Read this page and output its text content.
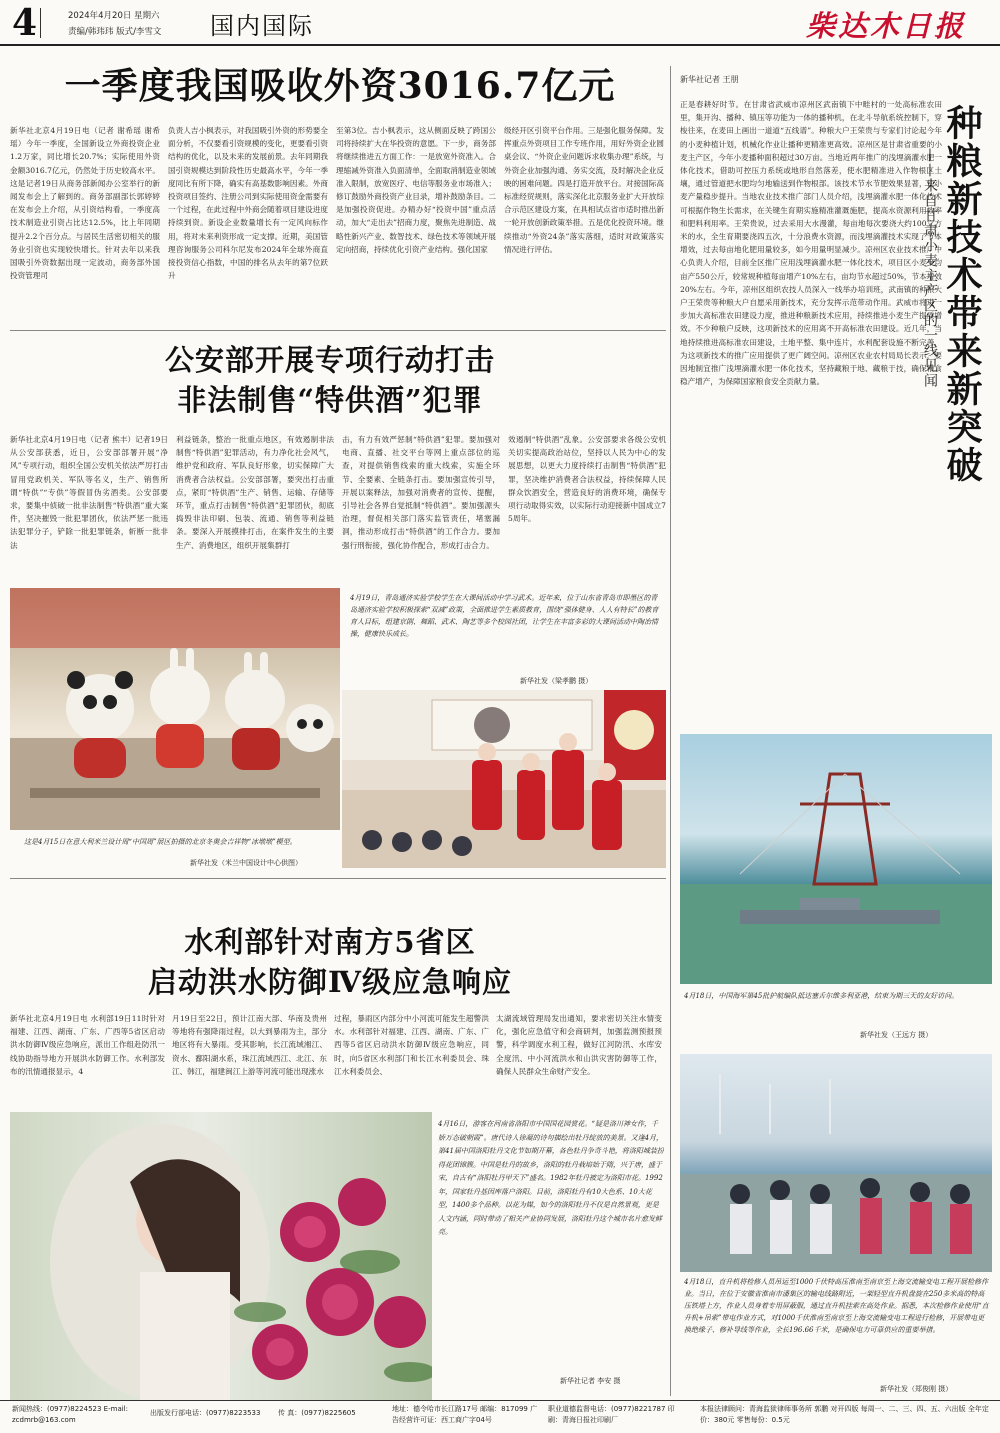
4	2024年4月20日 星期六
责编/韩玮玮 版式/李雪文 国内国际	柴达木日报
一季度我国吸收外资3016.7亿元
新华社北京4月19日电（记者 谢希瑶 谢希瑶）今年一季度，全国新设立外商投资企业1.2万家，同比增长20.7%；实际使用外资金额3016.7亿元，仍然处于历史较高水平。这是记者19日从商务部新闻办公室举行的新闻发布会上了解到的。商务部副部长郭婷婷在发布会上介绍，从引资结构看，一季度高技术制造业引资占比达12.5%，比上年同期提升2.2个百分点。与居民生活密切相关的服务业引资也实现较快增长。针对去年以来我国吸引外资数据出现一定波动，商务部外国投资管理司
负责人吉小枫表示，对我国吸引外资的形势要全面分析，不仅要看引资规模的变化，更要看引资结构的优化，以及未来的发展前景。去年同期我国引资规模达到阶段性历史最高水平，今年一季度同比有所下降，确实有高基数影响因素。外商投资项目签约、注册公司到实际使用资金需要有一个过程，在此过程中外商会随着项目建设进度持续到资。新设企业数量增长有一定风向标作用，将对未来利资形成一定支撑。近期，美国管理咨询服务公司科尔尼发布2024年全球外商直接投资信心指数，中国的排名从去年的第7位跃升
至第3位。吉小枫表示，这从侧面反映了跨国公司将持续扩大在华投资的意愿。下一步，商务部将继续推进五方面工作：一是放宽外资准入。合理缩减外资准入负面清单，全面取消制造业领域准入限制，放宽医疗、电信等服务业市场准入；修订鼓励外商投资产业目录，增补鼓励条目。二是加强投资促进。办精办好“投资中国”重点活动，加大“走出去”招商力度，聚焦先进制造、战略性新兴产业、数智技术、绿色技术等领域开展定向招商，持续优化引资产业结构。强化国家
级经开区引资平台作用。三是强化服务保障。发挥重点外资项目工作专班作用，用好外资企业圆桌会议、“外资企业问题诉求收集办理”系统，与外资企业加强沟通、务实交流，及时解决企业反映的困难问题。四是打造开放平台。对接国际高标准经贸规则，落实深化北京服务业扩大开放综合示范区建设方案，在具相试点省市适时推出新一轮开放创新政策举措。五是优化投资环境。继续推动“外资24条”落实落细，适时对政策落实情况进行评估。
公安部开展专项行动打击
非法制售“特供酒”犯罪
新华社北京4月19日电（记者 熊丰）记者19日从公安部获悉，近日，公安部部署开展“净风”专项行动，组织全国公安机关依法严厉打击冒用党政机关、军队等名义，生产、销售所谓“特供”“专供”等假冒伪劣酒类。公安部要求，要集中侦破一批非法制售“特供酒”重大案件，坚决摧毁一批犯罪团伙，依法严惩一批违法犯罪分子，铲除一批犯罪链条，斩断一批非法
利益链条，整治一批重点地区，有效遏制非法制售“特供酒”犯罪活动，有力净化社会风气，维护党和政府、军队良好形象，切实保障广大消费者合法权益。公安部部署，要突出打击重点，紧盯“特供酒”生产、销售、运输、存储等环节，重点打击制售“特供酒”犯罪团伙，彻底捣毁非法印刷、包装、流通、销售等利益链条。要深入开展摸排打击，在案件发生的主要生产、消费地区，组织开展集群打
击，有力有效严惩制“特供酒”犯罪。要加强对电商、直播、社交平台等网上重点部位的巡查，对提供销售线索的重大线索，实施全环节、全要素、全链条打击。要加强宣传引导，开展以案释法，加强对消费者的宣传、提醒，引导社会各界自觉抵制“特供酒”。要加强源头治理，督促相关部门落实监管责任，堵塞漏洞，推动形成打击“特供酒”的工作合力。要加强行刑衔接，强化协作配合，形成打击合力。
效遏制“特供酒”乱象。公安部要求各级公安机关切实提高政治站位，坚持以人民为中心的发展思想，以更大力度持续打击制售“特供酒”犯罪，坚决维护消费者合法权益，持续保障人民群众饮酒安全，营造良好的消费环境，确保专项行动取得实效，以实际行动迎接新中国成立75周年。
这是4月15日在意大利米兰设计周“中国周”展区拍摄的北京冬奥会吉祥物“冰墩墩”模型。
新华社发（米兰中国设计中心供图）
4月19日，青岛通济实验学校学生在大课间活动中学习武术。近年来，位于山东省青岛市即墨区的青岛通济实验学校积极探索“双减”政策，全面推进学生素质教育，围绕“强体健身、人人有特长”的教育育人目标，组建京剧、舞蹈、武术、陶艺等多个校园社团，让学生在丰富多彩的大课间活动中陶冶情操，健康快乐成长。
新华社发（梁孝鹏 摄）
水利部针对南方5省区
启动洪水防御Ⅳ级应急响应
新华社北京4月19日电 水利部19日11时针对福建、江西、湖南、广东、广西等5省区启动洪水防御Ⅳ级应急响应，派出工作组赴防汛一线协助指导地方开展洪水防御工作。水利部发布的汛情通报显示，4
月19日至22日，预计江南大部、华南及贵州等地将有强降雨过程，以大到暴雨为主，部分地区将有大暴雨。受其影响，长江流域湘江、资水、鄱阳湖水系，珠江流域西江、北江、东江、韩江，福建闽江上游等河流可能出现涨水
过程，暴雨区内部分中小河流可能发生超警洪水。水利部针对福建、江西、湖南、广东、广西等5省区启动洪水防御Ⅳ级应急响应，同时，向5省区水利部门和长江水利委员会、珠江水利委员会、
太湖流域管理局发出通知，要求密切关注水情变化，强化应急值守和会商研判，加强监测预报预警，科学调度水利工程，做好江河防汛、水库安全度汛、中小河流洪水和山洪灾害防御等工作，确保人民群众生命财产安全。
4月16日，游客在河南省洛阳市中国国花园赏花。“疑是洛川神女作，千娇万态破朝霞”。唐代诗人徐凝的诗句描绘出牡丹绽放的美景。又逢4月，第41届中国洛阳牡丹文化节如期开幕，各色牡丹争奇斗艳，将洛阳城装扮得花团锦簇。中国是牡丹的故乡，洛阳的牡丹栽培始于隋，兴于唐，盛于宋，自古有“洛阳牡丹甲天下”盛名。1982年牡丹被定为洛阳市花。1992年，国家牡丹基因库落户洛阳。目前，洛阳牡丹有10大色系、10大花型，1400多个品种。以花为媒，如今的洛阳牡丹不仅是自然景观，更是人文内涵，同时带动了相关产业协同发展，洛阳牡丹这个城市名片愈发鲜亮。
新华社记者 李安 摄
新华社记者 王朋
正是春耕好时节。在甘肃省武威市凉州区武南镇下中畦村的一处高标准农田里，集开沟、播种、镇压等功能为一体的播种机，在北斗导航系统控制下，穿梭往来，在麦田上画出一道道“五线谱”。种粮大户王荣贵与专家们讨论起今年的小麦种植计划，机械化作业让播种更精准更高效。凉州区是甘肃省重要的小麦主产区，今年小麦播种面积超过30万亩。当地近两年推广的浅埋滴灌水肥一体化技术，借助可控压力系统或地形自然落差，使水肥精准进入作物根区土壤，通过管道把水肥均匀地输送到作物根部。该技术节水节肥效果显著，使小麦产量稳步提升。当地农业技术推广部门人员介绍，浅埋滴灌水肥一体化技术可根据作物生长需求，在关键生育期实施精准灌溉施肥，提高水资源利用效率和肥料利用率。王荣贵说，过去采用大水漫灌，每亩地每次要浇大约100立方米的水，全生育期要浇四五次，十分浪费水资源，而浅埋滴灌技术实现了节本增效，过去每亩地化肥用量较多，如今用量明显减少。凉州区农业技术推广中心负责人介绍，目前全区推广应用浅埋滴灌水肥一体化技术，项目区小麦平均亩产550公斤，较常规种植每亩增产10%左右，亩均节水超过50%，节本增效20%左右。今年，凉州区组织农技人员深入一线举办培训班，武南镇的种粮大户王荣贵等种粮大户自愿采用新技术，充分发挥示范带动作用。武威市将进一步加大高标准农田建设力度，推进种粮新技术应用，持续推进小麦生产提质增效。不少种粮户反映，这项新技术的应用离不开高标准农田建设。近几年，当地持续推进高标准农田建设，土地平整、集中连片，水利配套设施不断完善，为这项新技术的推广应用提供了更广阔空间。凉州区农业农村局局长表示，要因地制宜推广浅埋滴灌水肥一体化技术，坚持藏粮于地、藏粮于技，确保粮食稳产增产，为保障国家粮食安全贡献力量。	种粮新技术带来新突破
——来自甘肃小麦主产区的一线见闻
4月18日，中国海军第45批护航编队抵达塞舌尔维多利亚港，结束为期三天的友好访问。
新华社发（王远方 摄）
4月18日，直升机将检修人员吊运至1000千伏特高压淮南至南京至上海交流输变电工程开展检修作业。当日，在位于安徽省淮南市潘集区的输电线路附近，一架轻型直升机盘旋在250多米高的特高压铁塔上方，作业人员身着专用屏蔽服，通过直升机挂索在高处作业。据悉，本次检修作业使用“直升机+吊索”带电作业方式，对1000千伏淮南至南京至上海交流输变电工程进行检修，开展带电更换绝缘子、修补导线等作业，全长196.66千米，是确保电力可靠供应的重要举措。
新华社发（郑俊刚 摄）
新闻热线：(0977)8224523 E-mail: zcdmrb@163.com
出版发行部电话：(0977)8223533	传 真：(0977)8225605	地址：德令哈市长江路17号 邮编：817099 广告经营许可证：西工商广字04号
职业道德监督电话：(0977)8221787 印刷：青海日报社印刷厂
本报法律顾问：青海监狱律师事务所 郭鹏 对开四版 每周一、二、三、四、五、六出版 全年定价：380元 零售每份：0.5元
